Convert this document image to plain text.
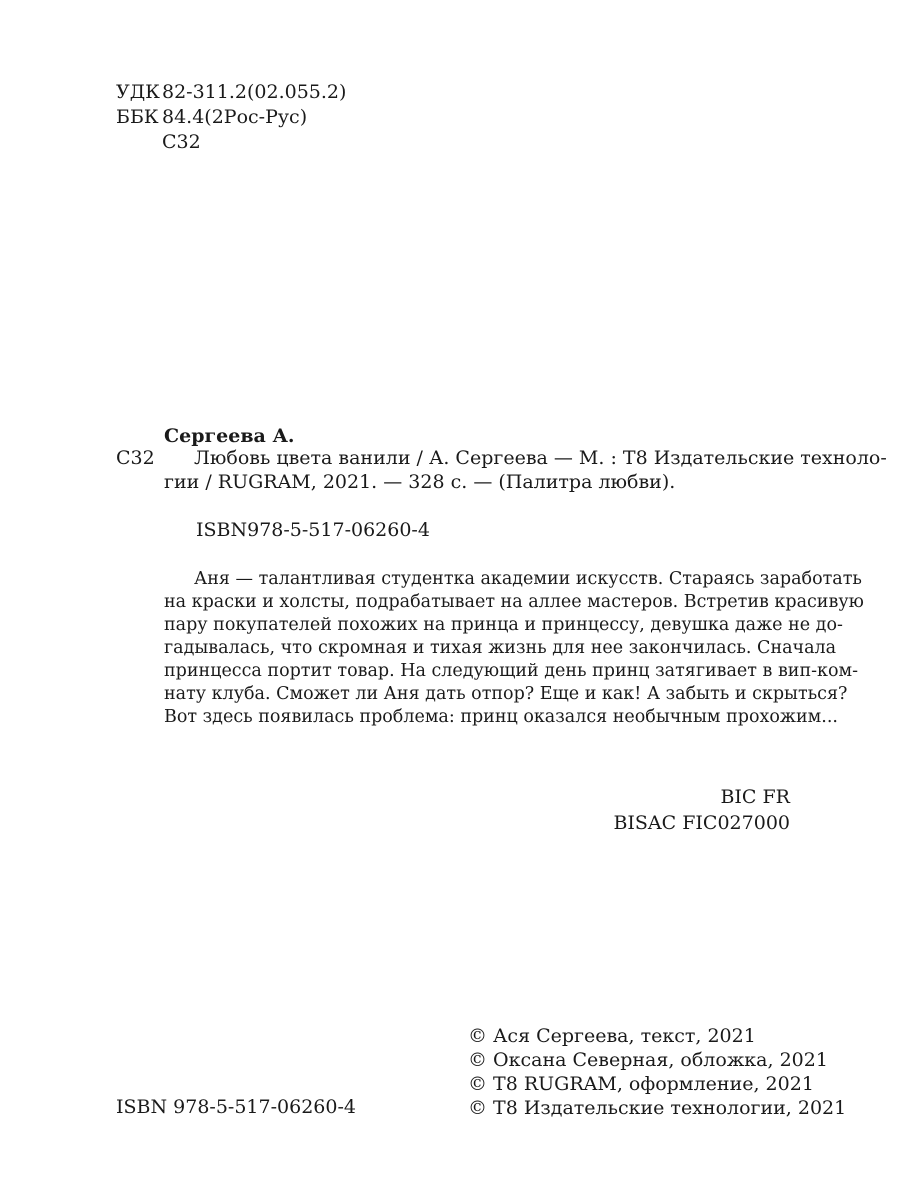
УДК 82-311.2(02.055.2)
ББК 84.4(2Рос-Рус)
С32
Сергеева А.
С32	Любовь цвета ванили / А. Сергеева — М. : Т8 Издательские техноло-
гии / RUGRAM, 2021. — 328 с. — (Палитра любви).
ISBN978-5-517-06260-4
Аня — талантливая студентка академии искусств. Стараясь заработать
на краски и холсты, подрабатывает на аллее мастеров. Встретив красивую
пару покупателей похожих на принца и принцессу, девушка даже не до-
гадывалась, что скромная и тихая жизнь для нее закончилась. Сначала
принцесса портит товар. На следующий день принц затягивает в вип-ком-
нату клуба. Сможет ли Аня дать отпор? Еще и как! А забыть и скрыться?
Вот здесь появилась проблема: принц оказался необычным прохожим...
BIC FR
BISAC FIC027000
© Ася Сергеева, текст, 2021
© Оксана Северная, обложка, 2021
© Т8 RUGRAM, оформление, 2021
© Т8 Издательские технологии, 2021
ISBN 978-5-517-06260-4
